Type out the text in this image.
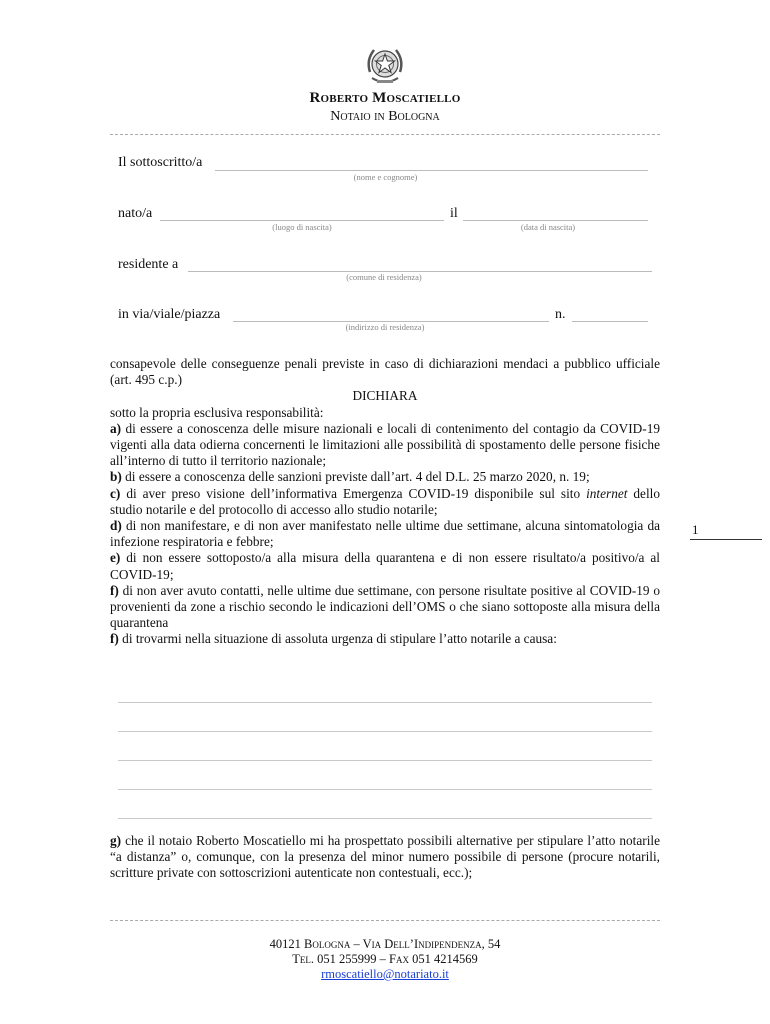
Roberto Moscatiello
Notaio in Bologna
Il sottoscritto/a
(nome e cognome)
nato/a
(luogo di nascita)
il
(data di nascita)
residente a
(comune di residenza)
in via/viale/piazza
(indirizzo di residenza)
n.

consapevole delle conseguenze penali previste in caso di dichiarazioni mendaci a pubblico ufficiale (art. 495 c.p.)

DICHIARA

sotto la propria esclusiva responsabilità:

a) di essere a conoscenza delle misure nazionali e locali di contenimento del contagio da COVID-19 vigenti alla data odierna concernenti le limitazioni alle possibilità di spostamento delle persone fisiche all’interno di tutto il territorio nazionale;

b) di essere a conoscenza delle sanzioni previste dall’art. 4 del D.L. 25 marzo 2020, n. 19;

c) di aver preso visione dell’informativa Emergenza COVID-19 disponibile sul sito internet dello studio notarile e del protocollo di accesso allo studio notarile;

d) di non manifestare, e di non aver manifestato nelle ultime due settimane, alcuna sintomatologia da infezione respiratoria e febbre;

e) di non essere sottoposto/a alla misura della quarantena e di non essere risultato/a positivo/a al COVID-19;

f) di non aver avuto contatti, nelle ultime due settimane, con persone risultate positive al COVID-19 o provenienti da zone a rischio secondo le indicazioni dell’OMS o che siano sottoposte alla misura della quarantena

f) di trovarmi nella situazione di assoluta urgenza di stipulare l’atto notarile a causa:

g) che il notaio Roberto Moscatiello mi ha prospettato possibili alternative per stipulare l’atto notarile “a distanza” o, comunque, con la presenza del minor numero possibile di persone (procure notarili, scritture private con sottoscrizioni autenticate non contestuali, ecc.);

1
40121 Bologna – Via Dell’Indipendenza, 54
Tel. 051 255999 – Fax 051 4214569
rmoscatiello@notariato.it
